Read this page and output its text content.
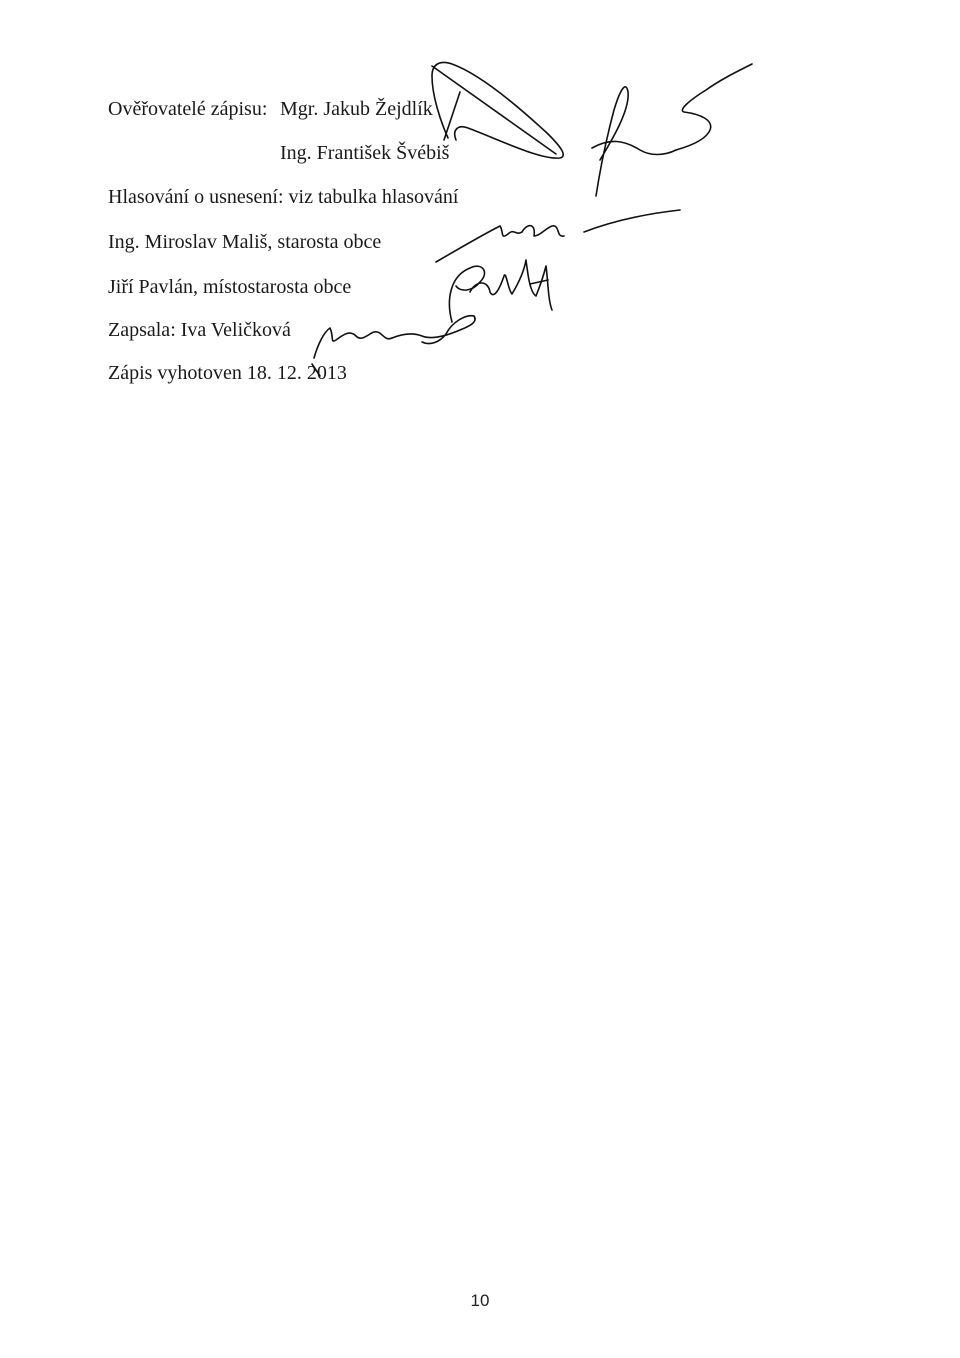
Ověřovatelé zápisu: Mgr. Jakub Žejdlík
Ing. František Švébiš
Hlasování o usnesení: viz tabulka hlasování
Ing. Miroslav Mališ, starosta obce
Jiří Pavlán, místostarosta obce
Zapsala: Iva Veličková
Zápis vyhotoven 18. 12. 2013
10
